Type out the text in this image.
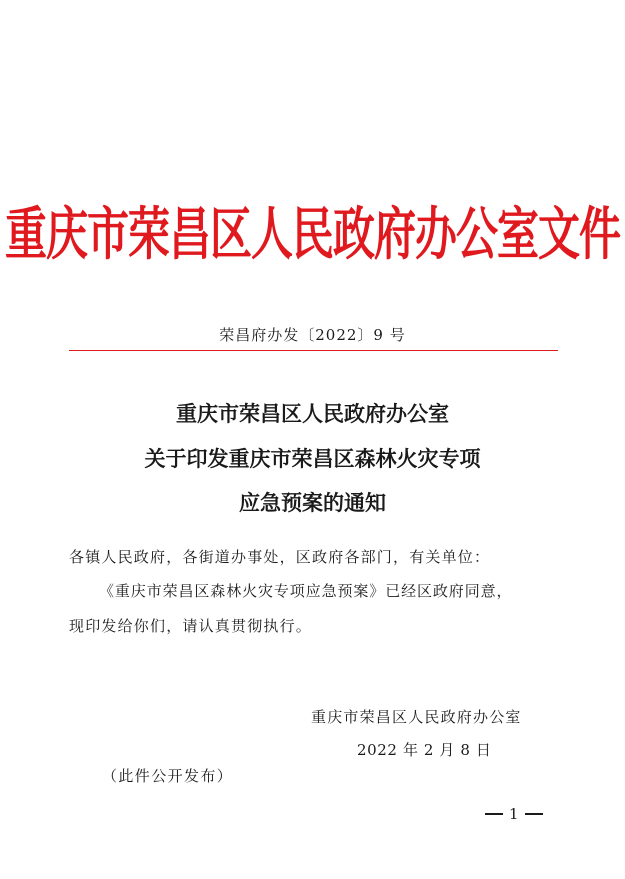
重庆市荣昌区人民政府办公室文件
荣昌府办发〔2022〕9 号
重庆市荣昌区人民政府办公室
关于印发重庆市荣昌区森林火灾专项
应急预案的通知
各镇人民政府，各街道办事处，区政府各部门，有关单位：
《重庆市荣昌区森林火灾专项应急预案》已经区政府同意，
现印发给你们，请认真贯彻执行。
重庆市荣昌区人民政府办公室
2022 年 2 月 8 日
（此件公开发布）
1
